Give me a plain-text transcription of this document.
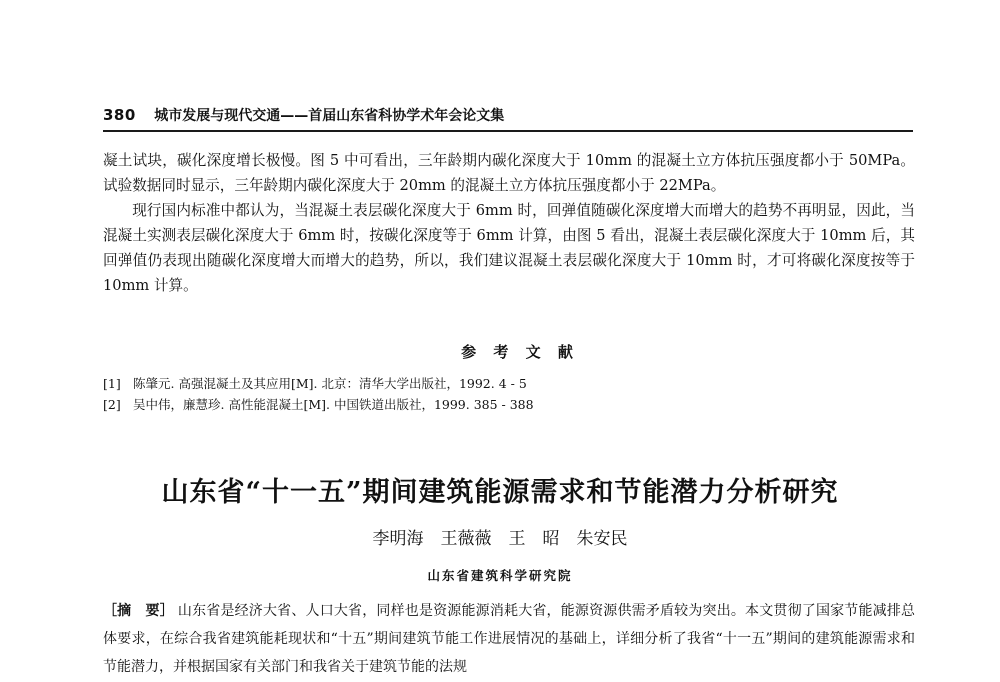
380 城市发展与现代交通——首届山东省科协学术年会论文集

凝土试块，碳化深度增长极慢。图 5 中可看出，三年龄期内碳化深度大于 10mm 的混凝土立方体抗压强度都小于 50MPa。试验数据同时显示，三年龄期内碳化深度大于 20mm 的混凝土立方体抗压强度都小于 22MPa。

现行国内标准中都认为，当混凝土表层碳化深度大于 6mm 时，回弹值随碳化深度增大而增大的趋势不再明显，因此，当混凝土实测表层碳化深度大于 6mm 时，按碳化深度等于 6mm 计算，由图 5 看出，混凝土表层碳化深度大于 10mm 后，其回弹值仍表现出随碳化深度增大而增大的趋势，所以，我们建议混凝土表层碳化深度大于 10mm 时，才可将碳化深度按等于 10mm 计算。

参 考 文 献
[1] 陈肇元. 高强混凝土及其应用[M]. 北京：清华大学出版社，1992. 4 - 5
[2] 吴中伟，廉慧珍. 高性能混凝土[M]. 中国铁道出版社，1999. 385 - 388
山东省“十一五”期间建筑能源需求和节能潜力分析研究
李明海　王薇薇　王　昭　朱安民
山东省建筑科学研究院
［摘　要］ 山东省是经济大省、人口大省，同样也是资源能源消耗大省，能源资源供需矛盾较为突出。本文贯彻了国家节能减排总体要求，在综合我省建筑能耗现状和“十五”期间建筑节能工作进展情况的基础上，详细分析了我省“十一五”期间的建筑能源需求和节能潜力，并根据国家有关部门和我省关于建筑节能的法规
